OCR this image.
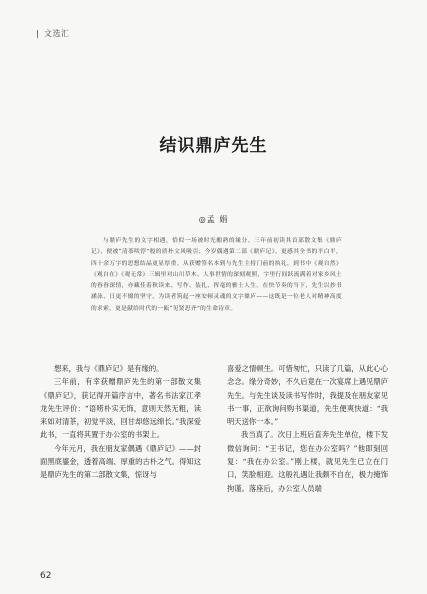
文选汇
结识鼎庐先生
◎孟 娟

与鼎庐先生的文字相遇，恰似一场被时光酿熟的缘分。三年前初读其首部散文集《鼎庐记》，便被“清茶啖饽”般的质朴文风吸引；今岁偶遇第二部《鼎庐记》，更感其全书的平白平，四十余万字的思想结晶更显厚重。从获赠签名本到与先生主持门前的执礼，到书中《观自然》《观自在》《观无常》三辑里对山川草木、人事世情的深刻观照，字里行间跃流满着对家乡风土的眷眷深情，亦藏佳着秋读来、写作、装扎、挥毫的雅士人生。在快节奏的当下，先生以抄书涵泳、日更不辍的坚守，为读者筑起一座安顿灵魂的文字鼎庐——这既是一位老人对精神高度的求索，更是献给时代的一瓯“见贤思齐”的生命诗章。

想来，我与《鼎庐记》是有缘的。

三年前，有幸获赠鼎庐先生的第一部散文集《鼎庐记》，获记得开篇序言中，著名书法家江孝龙先生评价：“语唠朴实无饰，意则天然无粗，读来如对清茶，初觉平淡，回甘却悠远绵长。”我深爱此书，一直将其置于办公室的书架上。

今年元月，我在朋友家偶遇《鼎庐记》——封面黑底鎏金，透着高端、厚重的古朴之气。得知这是鼎庐先生的第二部散文集，惊讶与

喜爱之情顿生。可惜匆忙，只读了几篇，从此心心念念。缘分奇妙，不久后竟在一次宴席上遇见鼎庐先生。与先生谈及读书写作时，我提及在朋友家见书一事，正欲询问购书渠道，先生便爽快道：“我明天送你一本。”

我当真了。次日上班后直奔先生单位，楼下发微信询问：“王书记，您在办公室吗？”他即刻回复：“我在办公室。”刚上楼，就见先生已立在门口，笑脸相迎。这般礼遇让我颇不自在，极力掩饰拘谨。落座后，办公室人员端

62
